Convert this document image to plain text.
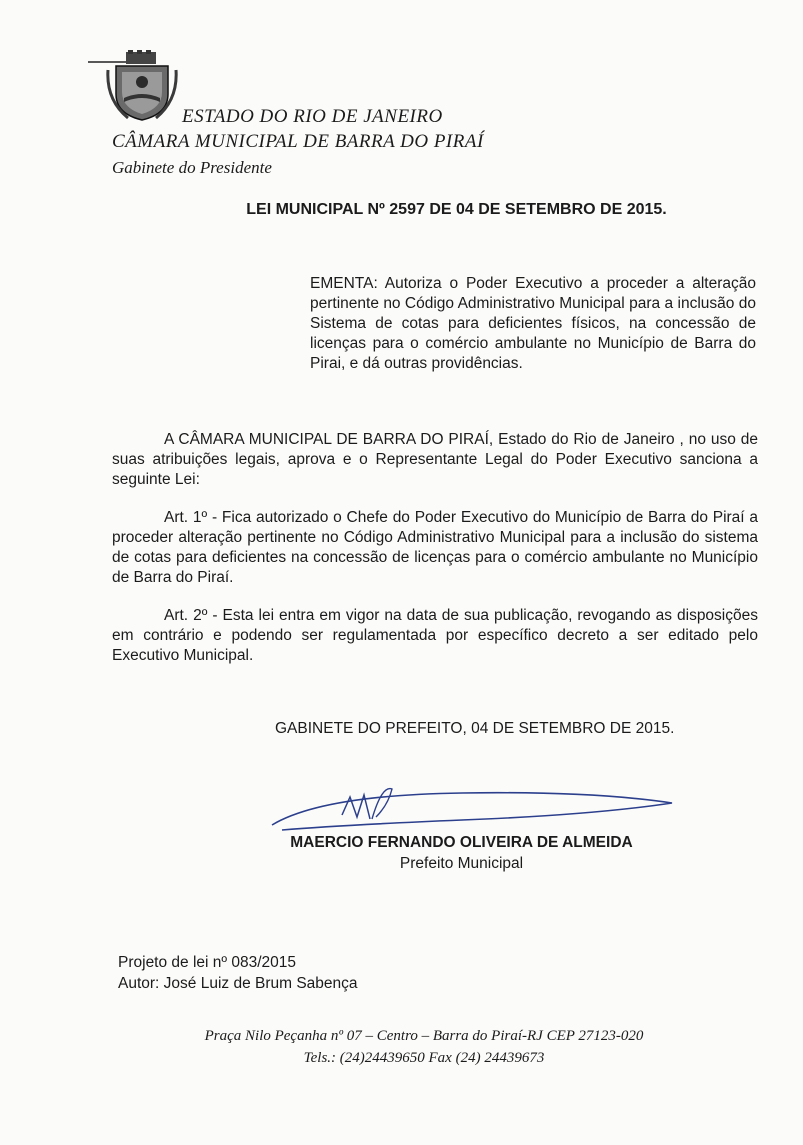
ESTADO DO RIO DE JANEIRO
CÂMARA MUNICIPAL DE BARRA DO PIRAÍ
Gabinete do Presidente
LEI MUNICIPAL Nº 2597 DE 04 DE SETEMBRO DE 2015.
EMENTA: Autoriza o Poder Executivo a proceder a alteração pertinente no Código Administrativo Municipal para a inclusão do Sistema de cotas para deficientes físicos, na concessão de licenças para o comércio ambulante no Município de Barra do Pirai, e dá outras providências.
A CÂMARA MUNICIPAL DE BARRA DO PIRAÍ, Estado do Rio de Janeiro , no uso de suas atribuições legais, aprova e o Representante Legal do Poder Executivo sanciona a seguinte Lei:
Art. 1º - Fica autorizado o Chefe do Poder Executivo do Município de Barra do Piraí a proceder alteração pertinente no Código Administrativo Municipal para a inclusão do sistema de cotas para deficientes na concessão de licenças para o comércio ambulante no Município de Barra do Piraí.
Art. 2º - Esta lei entra em vigor na data de sua publicação, revogando as disposições em contrário e podendo ser regulamentada por específico decreto a ser editado pelo Executivo Municipal.
GABINETE DO PREFEITO, 04 DE SETEMBRO DE 2015.
MAERCIO FERNANDO OLIVEIRA DE ALMEIDA
Prefeito Municipal
Projeto de lei nº 083/2015
Autor: José Luiz de Brum Sabença
Praça Nilo Peçanha nº 07 – Centro – Barra do Piraí-RJ CEP 27123-020
Tels.: (24)24439650 Fax (24) 24439673
